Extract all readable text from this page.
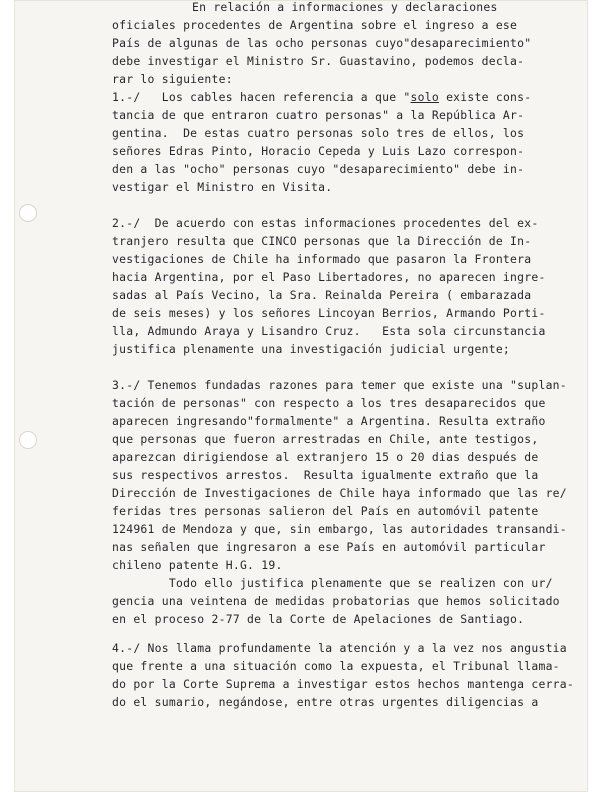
En relación a informaciones y declaraciones
oficiales procedentes de Argentina sobre el ingreso a ese
País de algunas de las ocho personas cuyo"desaparecimiento"
debe investigar el Ministro Sr. Guastavino, podemos decla-
rar lo siguiente:
1.-/   Los cables hacen referencia a que "solo existe cons-
tancia de que entraron cuatro personas" a la República Ar-
gentina.  De estas cuatro personas solo tres de ellos, los
señores Edras Pinto, Horacio Cepeda y Luis Lazo correspon-
den a las "ocho" personas cuyo "desaparecimiento" debe in-
vestigar el Ministro en Visita.
2.-/  De acuerdo con estas informaciones procedentes del ex-
tranjero resulta que CINCO personas que la Dirección de In-
vestigaciones de Chile ha informado que pasaron la Frontera
hacia Argentina, por el Paso Libertadores, no aparecen ingre-
sadas al País Vecino, la Sra. Reinalda Pereira ( embarazada
de seis meses) y los señores Lincoyan Berrios, Armando Porti-
lla, Admundo Araya y Lisandro Cruz.   Esta sola circunstancia
justifica plenamente una investigación judicial urgente;
3.-/ Tenemos fundadas razones para temer que existe una "suplan-
tación de personas" con respecto a los tres desaparecidos que
aparecen ingresando"formalmente" a Argentina. Resulta extraño
que personas que fueron arrestradas en Chile, ante testigos,
aparezcan dirigiendose al extranjero 15 o 20 dias después de
sus respectivos arrestos.  Resulta igualmente extraño que la
Dirección de Investigaciones de Chile haya informado que las re/
feridas tres personas salieron del País en automóvil patente
124961 de Mendoza y que, sin embargo, las autoridades transandi-
nas señalen que ingresaron a ese País en automóvil particular
chileno patente H.G. 19.
Todo ello justifica plenamente que se realizen con ur/
gencia una veintena de medidas probatorias que hemos solicitado
en el proceso 2-77 de la Corte de Apelaciones de Santiago.
4.-/ Nos llama profundamente la atención y a la vez nos angustia
que frente a una situación como la expuesta, el Tribunal llama-
do por la Corte Suprema a investigar estos hechos mantenga cerra-
do el sumario, negándose, entre otras urgentes diligencias a
